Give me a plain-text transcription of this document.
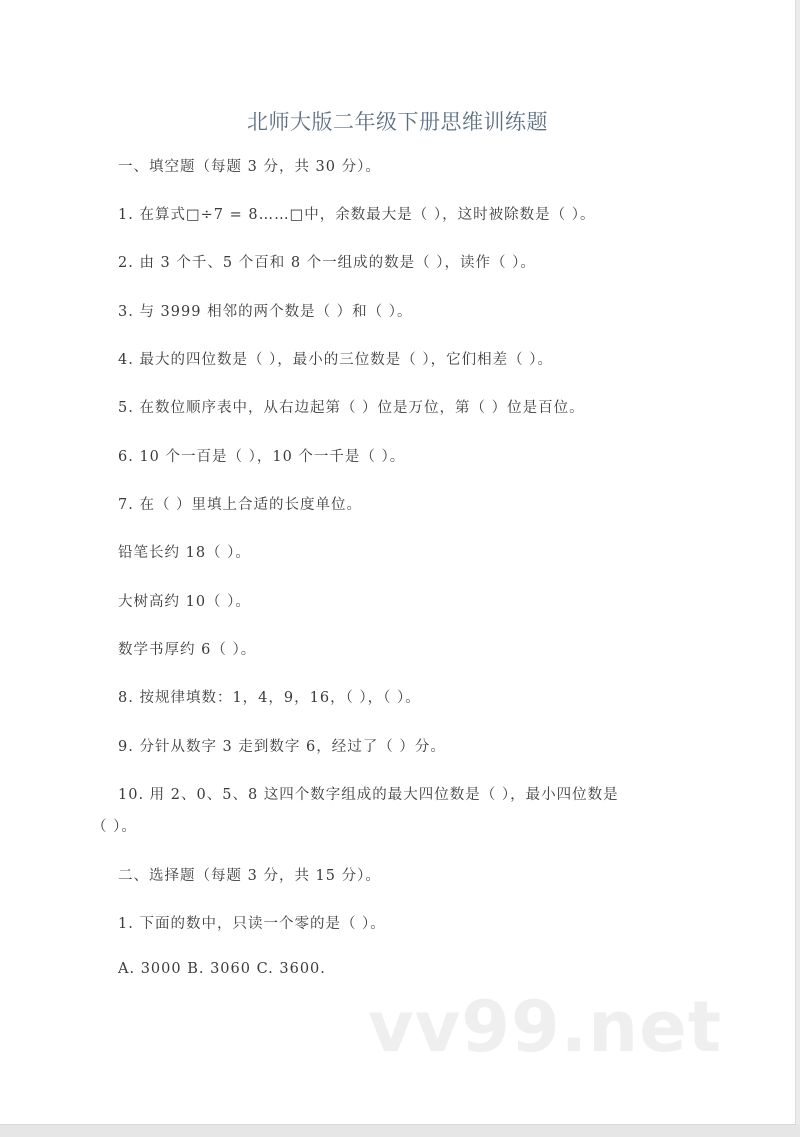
北师大版二年级下册思维训练题
一、填空题（每题 3 分，共 30 分）。
1. 在算式□÷7 = 8……□中，余数最大是（ ），这时被除数是（ ）。
2. 由 3 个千、5 个百和 8 个一组成的数是（ ），读作（ ）。
3. 与 3999 相邻的两个数是（ ）和（ ）。
4. 最大的四位数是（ ），最小的三位数是（ ），它们相差（ ）。
5. 在数位顺序表中，从右边起第（ ）位是万位，第（ ）位是百位。
6. 10 个一百是（ ），10 个一千是（ ）。
7. 在（ ）里填上合适的长度单位。
铅笔长约 18（ ）。
大树高约 10（ ）。
数学书厚约 6（ ）。
8. 按规律填数：1，4，9，16，（ ），（ ）。
9. 分针从数字 3 走到数字 6，经过了（ ）分。
10. 用 2、0、5、8 这四个数字组成的最大四位数是（ ），最小四位数是
（ ）。
二、选择题（每题 3 分，共 15 分）。
1. 下面的数中，只读一个零的是（ ）。
A. 3000 B. 3060 C. 3600.
vv99.net
